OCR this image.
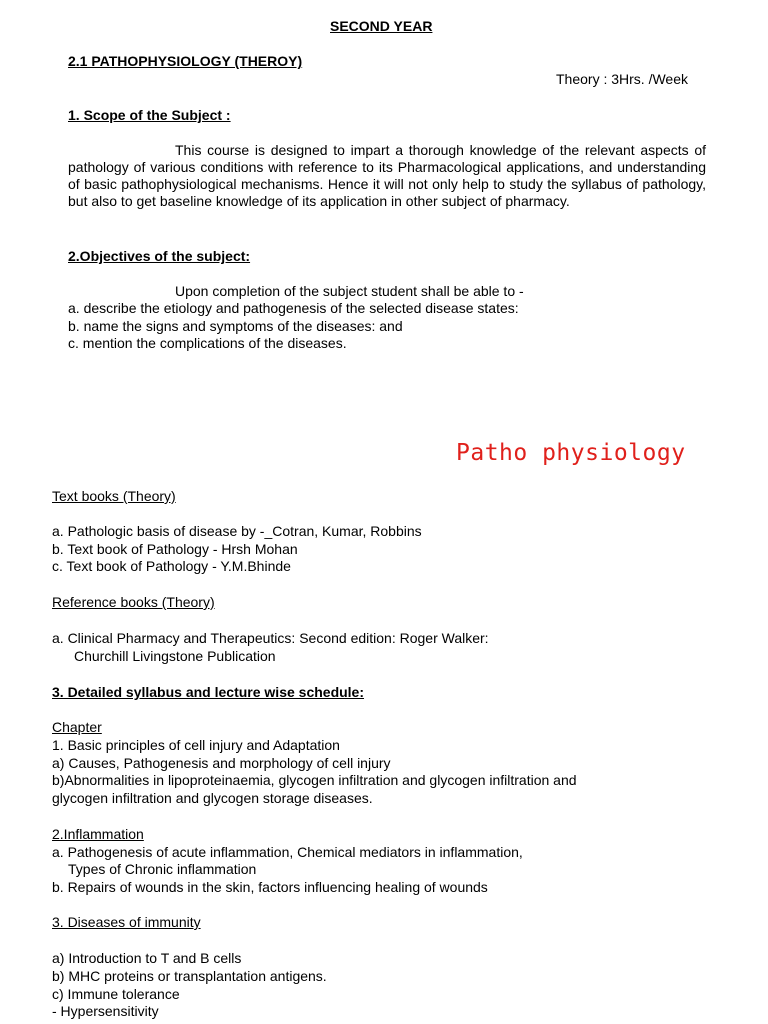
SECOND YEAR
2.1 PATHOPHYSIOLOGY (THEROY)
Theory : 3Hrs. /Week
1. Scope of the Subject :
This course is designed to impart a thorough knowledge of the relevant aspects of pathology of various conditions with reference to its Pharmacological applications, and understanding of basic pathophysiological mechanisms. Hence it will not only help to study the syllabus of pathology, but also to get baseline knowledge of its application in other subject of pharmacy.
2.Objectives of the subject:
Upon completion of the subject student shall be able to -
a. describe the etiology and pathogenesis of the selected disease states:
b. name the signs and symptoms of the diseases: and
c. mention the complications of the diseases.
Patho physiology
Text books (Theory)
a. Pathologic basis of disease by -_Cotran, Kumar, Robbins
b. Text book of Pathology - Hrsh Mohan
c. Text book of Pathology - Y.M.Bhinde
Reference books (Theory)
a. Clinical Pharmacy and Therapeutics: Second edition: Roger Walker:
Churchill Livingstone Publication
3. Detailed syllabus and lecture wise schedule:
Chapter
1. Basic principles of cell injury and Adaptation
a) Causes, Pathogenesis and morphology of cell injury
b)Abnormalities in lipoproteinaemia, glycogen infiltration and glycogen infiltration and
glycogen infiltration and glycogen storage diseases.
2.Inflammation
a. Pathogenesis of acute inflammation, Chemical mediators in inflammation,
Types of Chronic inflammation
b. Repairs of wounds in the skin, factors influencing healing of wounds
3. Diseases of immunity
a) Introduction to T and B cells
b) MHC proteins or transplantation antigens.
c) Immune tolerance
- Hypersensitivity
